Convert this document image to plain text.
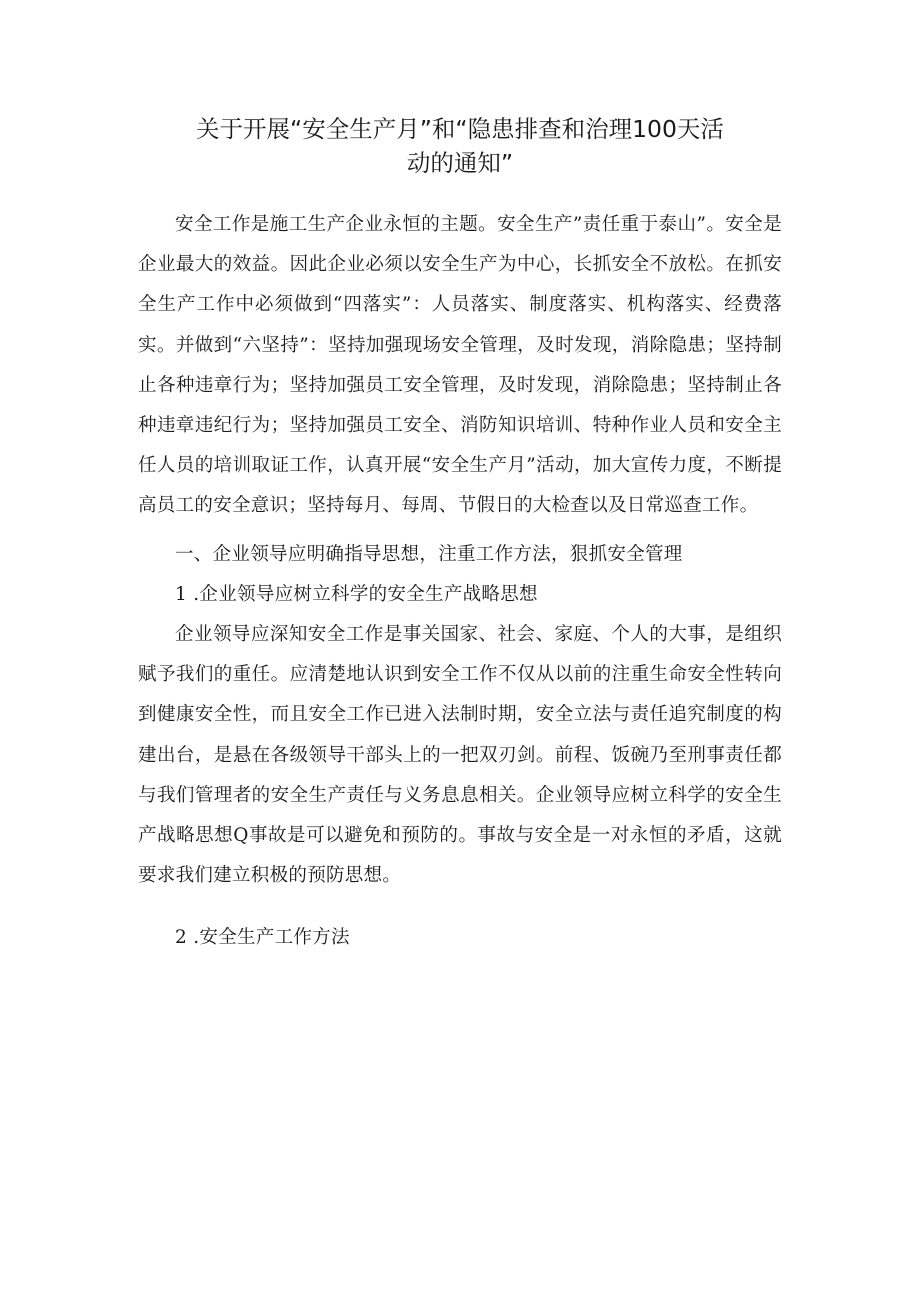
关于开展“安全生产月”和“隐患排查和治理100天活
动的通知”

安全工作是施工生产企业永恒的主题。安全生产”责任重于泰山”。安全是企业最大的效益。因此企业必须以安全生产为中心，长抓安全不放松。在抓安全生产工作中必须做到“四落实”：人员落实、制度落实、机构落实、经费落实。并做到“六坚持”：坚持加强现场安全管理，及时发现，消除隐患；坚持制止各种违章行为；坚持加强员工安全管理，及时发现，消除隐患；坚持制止各种违章违纪行为；坚持加强员工安全、消防知识培训、特种作业人员和安全主任人员的培训取证工作，认真开展“安全生产月”活动，加大宣传力度，不断提高员工的安全意识；坚持每月、每周、节假日的大检查以及日常巡查工作。

一、企业领导应明确指导思想，注重工作方法，狠抓安全管理

1 .企业领导应树立科学的安全生产战略思想

企业领导应深知安全工作是事关国家、社会、家庭、个人的大事，是组织赋予我们的重任。应清楚地认识到安全工作不仅从以前的注重生命安全性转向到健康安全性，而且安全工作已进入法制时期，安全立法与责任追究制度的构建出台，是悬在各级领导干部头上的一把双刃剑。前程、饭碗乃至刑事责任都与我们管理者的安全生产责任与义务息息相关。企业领导应树立科学的安全生产战略思想Q事故是可以避免和预防的。事故与安全是一对永恒的矛盾，这就要求我们建立积极的预防思想。

2 .安全生产工作方法
